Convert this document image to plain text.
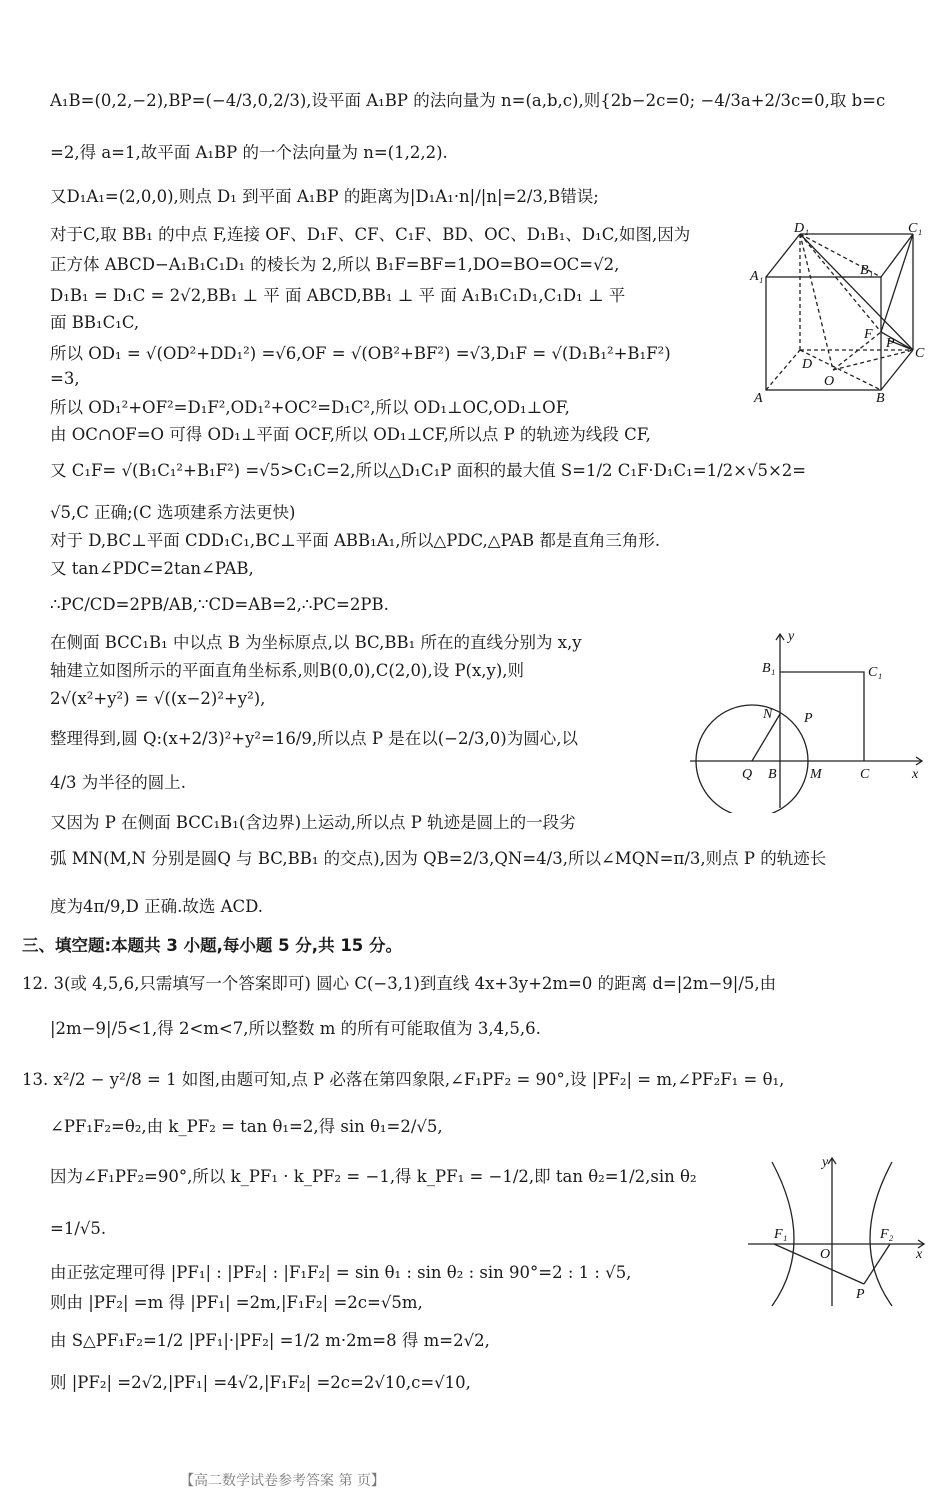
A₁B=(0,2,−2),BP=(−4/3,0,2/3),设平面 A₁BP 的法向量为 n=(a,b,c),则{2b−2c=0; −4/3a+2/3c=0,取 b=c
=2,得 a=1,故平面 A₁BP 的一个法向量为 n=(1,2,2).
又D₁A₁=(2,0,0),则点 D₁ 到平面 A₁BP 的距离为|D₁A₁·n|/|n|=2/3,B错误;
对于C,取 BB₁ 的中点 F,连接 OF、D₁F、CF、C₁F、BD、OC、D₁B₁、D₁C,如图,因为
正方体 ABCD−A₁B₁C₁D₁ 的棱长为 2,所以 B₁F=BF=1,DO=BO=OC=√2,
D₁B₁ = D₁C = 2√2,BB₁ ⊥ 平 面 ABCD,BB₁ ⊥ 平 面 A₁B₁C₁D₁,C₁D₁ ⊥ 平
面 BB₁C₁C,
所以 OD₁ = √(OD²+DD₁²) =√6,OF = √(OB²+BF²) =√3,D₁F = √(D₁B₁²+B₁F²)
=3,
所以 OD₁²+OF²=D₁F²,OD₁²+OC²=D₁C²,所以 OD₁⊥OC,OD₁⊥OF,
由 OC∩OF=O 可得 OD₁⊥平面 OCF,所以 OD₁⊥CF,所以点 P 的轨迹为线段 CF,
又 C₁F= √(B₁C₁²+B₁F²) =√5>C₁C=2,所以△D₁C₁P 面积的最大值 S=1/2 C₁F·D₁C₁=1/2×√5×2=
√5,C 正确;(C 选项建系方法更快)
对于 D,BC⊥平面 CDD₁C₁,BC⊥平面 ABB₁A₁,所以△PDC,△PAB 都是直角三角形.
又 tan∠PDC=2tan∠PAB,
∴PC/CD=2PB/AB,∵CD=AB=2,∴PC=2PB.
在侧面 BCC₁B₁ 中以点 B 为坐标原点,以 BC,BB₁ 所在的直线分别为 x,y
轴建立如图所示的平面直角坐标系,则B(0,0),C(2,0),设 P(x,y),则
2√(x²+y²) = √((x−2)²+y²),
整理得到,圆 Q:(x+2/3)²+y²=16/9,所以点 P 是在以(−2/3,0)为圆心,以
4/3 为半径的圆上.
又因为 P 在侧面 BCC₁B₁(含边界)上运动,所以点 P 轨迹是圆上的一段劣
弧 MN(M,N 分别是圆Q 与 BC,BB₁ 的交点),因为 QB=2/3,QN=4/3,所以∠MQN=π/3,则点 P 的轨迹长
度为4π/9,D 正确.故选 ACD.
三、填空题:本题共 3 小题,每小题 5 分,共 15 分。
12. 3(或 4,5,6,只需填写一个答案即可) 圆心 C(−3,1)到直线 4x+3y+2m=0 的距离 d=|2m−9|/5,由
|2m−9|/5<1,得 2<m<7,所以整数 m 的所有可能取值为 3,4,5,6.
13. x²/2 − y²/8 = 1 如图,由题可知,点 P 必落在第四象限,∠F₁PF₂ = 90°,设 |PF₂| = m,∠PF₂F₁ = θ₁,
∠PF₁F₂=θ₂,由 k_PF₂ = tan θ₁=2,得 sin θ₁=2/√5,
因为∠F₁PF₂=90°,所以 k_PF₁ · k_PF₂ = −1,得 k_PF₁ = −1/2,即 tan θ₂=1/2,sin θ₂
=1/√5.
由正弦定理可得 |PF₁| : |PF₂| : |F₁F₂| = sin θ₁ : sin θ₂ : sin 90°=2 : 1 : √5,
则由 |PF₂| =m 得 |PF₁| =2m,|F₁F₂| =2c=√5m,
由 S△PF₁F₂=1/2 |PF₁|·|PF₂| =1/2 m·2m=8 得 m=2√2,
则 |PF₂| =2√2,|PF₁| =4√2,|F₁F₂| =2c=2√10,c=√10,
D₁	C₁
A₁	B₁
F
P
C
D
O
A	B
y
B₁	C₁
N P
Q B M	C	x
y
F₁
O
F₂
x
P
【高二数学试卷参考答案 第 页】
